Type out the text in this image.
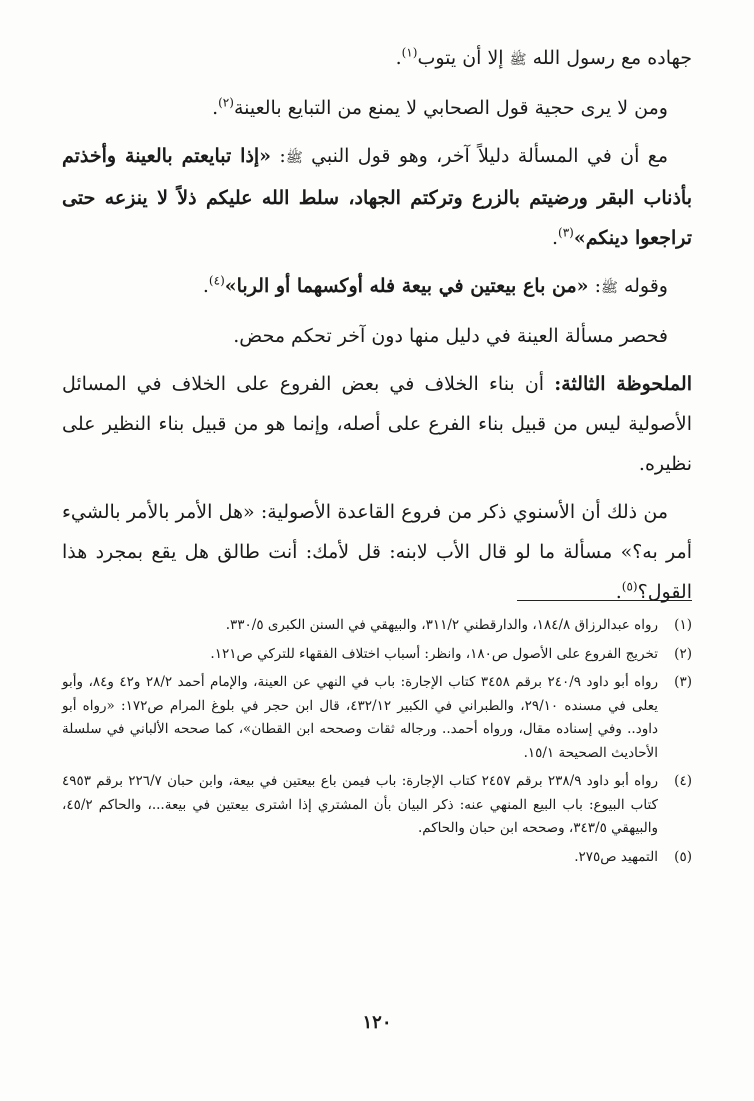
جهاده مع رسول الله ﷺ إلا أن يتوب$^{(١)}$.

ومن لا يرى حجية قول الصحابي لا يمنع من التبايع بالعينة$^{(٢)}$.

مع أن في المسألة دليلاً آخر، وهو قول النبي ﷺ: «إذا تبايعتم بالعينة وأخذتم بأذناب البقر ورضيتم بالزرع وتركتم الجهاد، سلط الله عليكم ذلاً لا ينزعه حتى تراجعوا دينكم»$^{(٣)}$.

وقوله ﷺ: «من باع بيعتين في بيعة فله أوكسهما أو الربا»$^{(٤)}$.

فحصر مسألة العينة في دليل منها دون آخر تحكم محض.

الملحوظة الثالثة: أن بناء الخلاف في بعض الفروع على الخلاف في المسائل الأصولية ليس من قبيل بناء الفرع على أصله، وإنما هو من قبيل بناء النظير على نظيره.

من ذلك أن الأسنوي ذكر من فروع القاعدة الأصولية: «هل الأمر بالأمر بالشيء أمر به؟» مسألة ما لو قال الأب لابنه: قل لأمك: أنت طالق هل يقع بمجرد هذا القول؟$^{(٥)}$.

(١)
رواه عبدالرزاق ١٨٤/٨، والدارقطني ٣١١/٢، والبيهقي في السنن الكبرى ٣٣٠/٥.
(٢)
تخريج الفروع على الأصول ص١٨٠، وانظر: أسباب اختلاف الفقهاء للتركي ص١٢١.
(٣)
رواه أبو داود ٢٤٠/٩ برقم ٣٤٥٨ كتاب الإجارة: باب في النهي عن العينة، والإمام أحمد ٢٨/٢ و٤٢ و٨٤، وأبو يعلى في مسنده ٢٩/١٠، والطبراني في الكبير ٤٣٢/١٢، قال ابن حجر في بلوغ المرام ص١٧٢: «رواه أبو داود.. وفي إسناده مقال، ورواه أحمد.. ورجاله ثقات وصححه ابن القطان»، كما صححه الألباني في سلسلة الأحاديث الصحيحة ١٥/١.
(٤)
رواه أبو داود ٢٣٨/٩ برقم ٢٤٥٧ كتاب الإجارة: باب فيمن باع بيعتين في بيعة، وابن حبان ٢٢٦/٧ برقم ٤٩٥٣ كتاب البيوع: باب البيع المنهي عنه: ذكر البيان بأن المشتري إذا اشترى بيعتين في بيعة...، والحاكم ٤٥/٢، والبيهقي ٣٤٣/٥، وصححه ابن حبان والحاكم.
(٥)
التمهيد ص٢٧٥.
١٢٠
